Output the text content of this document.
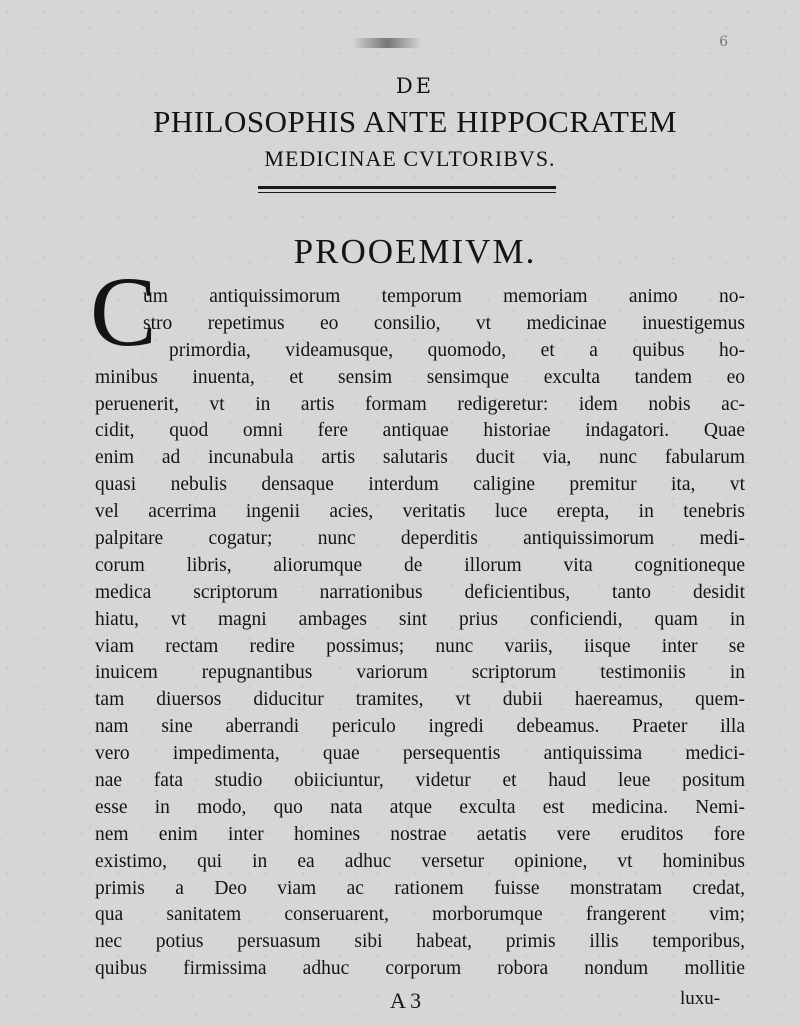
6
DE
PHILOSOPHIS ANTE HIPPOCRATEM
MEDICINAE CVLTORIBVS.
PROOEMIVM.
C
um antiquissimorum temporum memoriam animo no-
stro repetimus eo consilio, vt medicinae inuestigemus
primordia, videamusque, quomodo, et a quibus ho-
minibus inuenta, et sensim sensimque exculta tandem eo
peruenerit, vt in artis formam redigeretur: idem nobis ac-
cidit, quod omni fere antiquae historiae indagatori. Quae
enim ad incunabula artis salutaris ducit via, nunc fabularum
quasi nebulis densaque interdum caligine premitur ita, vt
vel acerrima ingenii acies, veritatis luce erepta, in tenebris
palpitare cogatur; nunc deperditis antiquissimorum medi-
corum libris, aliorumque de illorum vita cognitioneque
medica scriptorum narrationibus deficientibus, tanto desidit
hiatu, vt magni ambages sint prius conficiendi, quam in
viam rectam redire possimus; nunc variis, iisque inter se
inuicem repugnantibus variorum scriptorum testimoniis in
tam diuersos diducitur tramites, vt dubii haereamus, quem-
nam sine aberrandi periculo ingredi debeamus. Praeter illa
vero impedimenta, quae persequentis antiquissima medici-
nae fata studio obiiciuntur, videtur et haud leue positum
esse in modo, quo nata atque exculta est medicina. Nemi-
nem enim inter homines nostrae aetatis vere eruditos fore
existimo, qui in ea adhuc versetur opinione, vt hominibus
primis a Deo viam ac rationem fuisse monstratam credat,
qua sanitatem conseruarent, morborumque frangerent vim;
nec potius persuasum sibi habeat, primis illis temporibus,
quibus firmissima adhuc corporum robora nondum mollitie
A 3	luxu-
